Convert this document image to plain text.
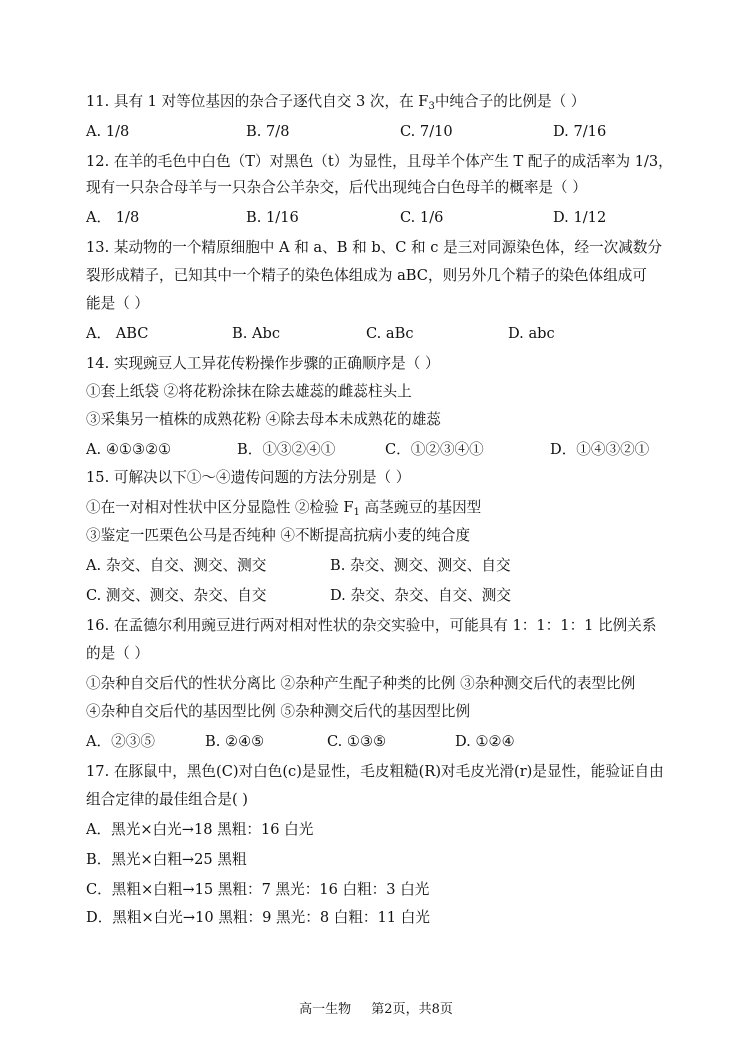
11. 具有 1 对等位基因的杂合子逐代自交 3 次，在 $F_3$中纯合子的比例是（ ）
A. 1/8	B. 7/8	C. 7/10	D. 7/16
12. 在羊的毛色中白色（T）对黑色（t）为显性，且母羊个体产生 T 配子的成活率为 1/3，
现有一只杂合母羊与一只杂合公羊杂交，后代出现纯合白色母羊的概率是（ ）
A． 1/8	B. 1/16	C. 1/6	D. 1/12
13. 某动物的一个精原细胞中 A 和 a、B 和 b、C 和 c 是三对同源染色体，经一次减数分
裂形成精子，已知其中一个精子的染色体组成为 aBC，则另外几个精子的染色体组成可
能是（ ）
A． ABC	B. Abc	C. aBc	D. abc
14. 实现豌豆人工异花传粉操作步骤的正确顺序是（ ）
①套上纸袋 ②将花粉涂抹在除去雄蕊的雌蕊柱头上
③采集另一植株的成熟花粉 ④除去母本未成熟花的雄蕊
A. ④①③②①	B．①③②④①	C．①②③④①	D．①④③②①
15. 可解决以下①～④遗传问题的方法分别是（ ）
①在一对相对性状中区分显隐性 ②检验 $F_1$ 高茎豌豆的基因型
③鉴定一匹栗色公马是否纯种 ④不断提高抗病小麦的纯合度
A. 杂交、自交、测交、测交	B. 杂交、测交、测交、自交
C. 测交、测交、杂交、自交	D. 杂交、杂交、自交、测交
16. 在孟德尔利用豌豆进行两对相对性状的杂交实验中，可能具有 1：1：1：1 比例关系
的是（ ）
①杂种自交后代的性状分离比 ②杂种产生配子种类的比例 ③杂种测交后代的表型比例
④杂种自交后代的基因型比例 ⑤杂种测交后代的基因型比例
A．②③⑤	B. ②④⑤	C. ①③⑤	D. ①②④
17. 在豚鼠中，黑色(C)对白色(c)是显性，毛皮粗糙(R)对毛皮光滑(r)是显性，能验证自由
组合定律的最佳组合是( )
A．黑光×白光→18 黑粗：16 白光
B．黑光×白粗→25 黑粗
C．黑粗×白粗→15 黑粗：7 黑光：16 白粗：3 白光
D．黑粗×白光→10 黑粗：9 黑光：8 白粗：11 白光
高一生物 第2页，共8页
